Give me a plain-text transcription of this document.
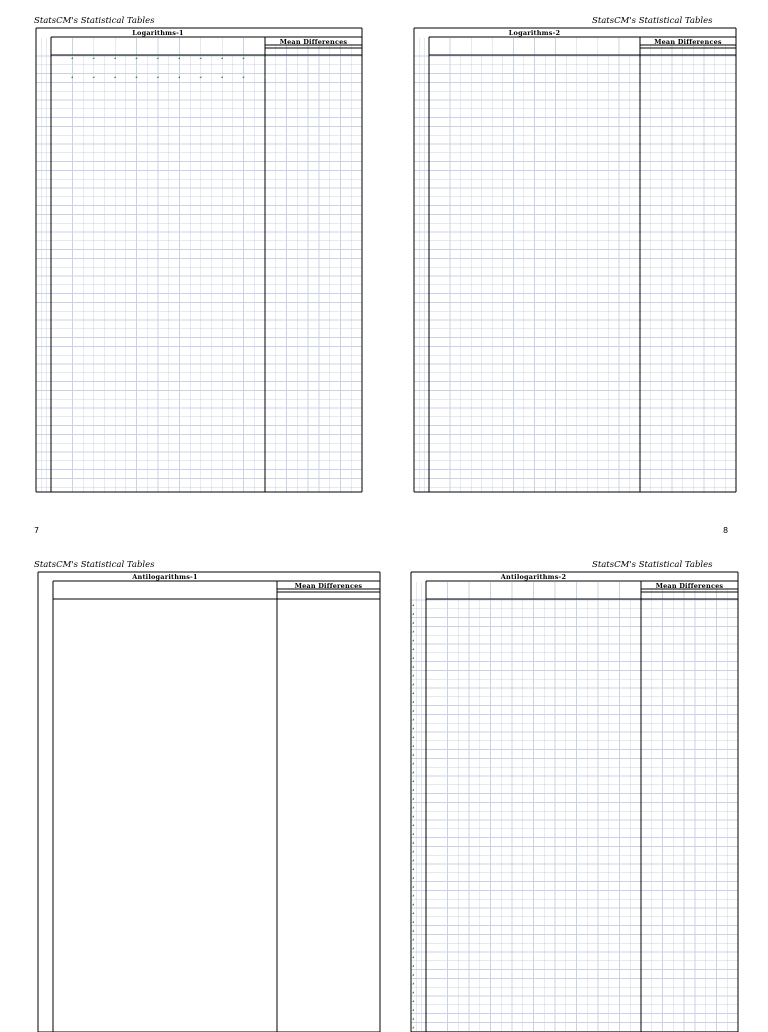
StatsCM's Statistical Tables
Logarithms-1
Mean Differences
7
StatsCM's Statistical Tables
Logarithms-2
Mean Differences
8
StatsCM's Statistical Tables
Antilogarithms-1
Mean Differences
StatsCM's Statistical Tables
Antilogarithms-2
Mean Differences
